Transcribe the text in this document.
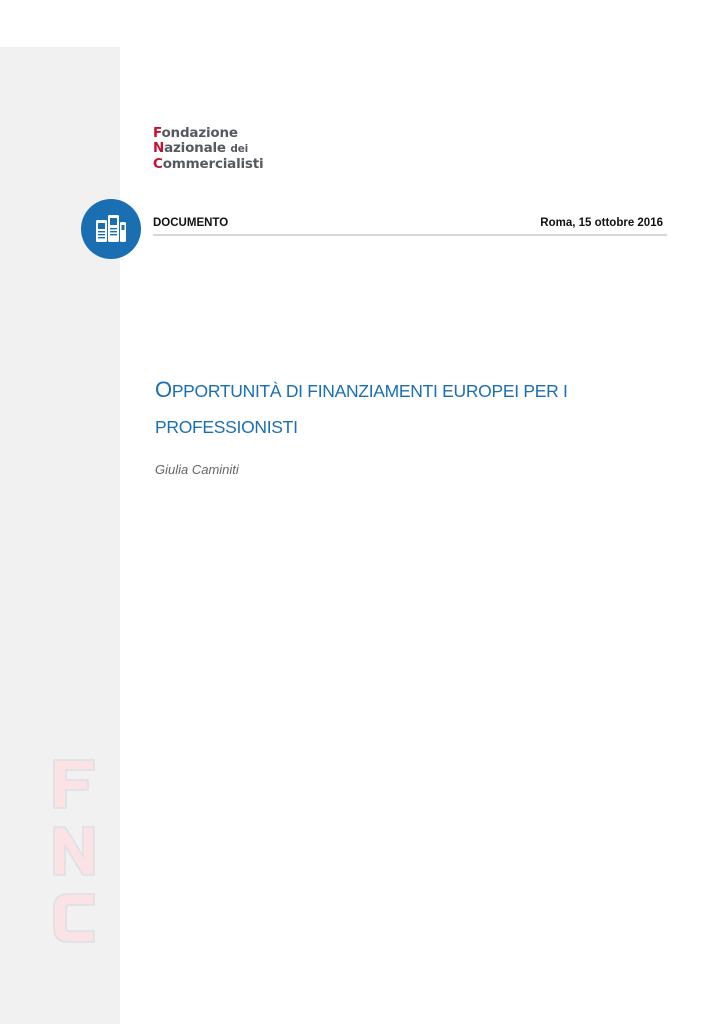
Fondazione
Nazionale dei
Commercialisti
DOCUMENTO	Roma, 15 ottobre 2016
OPPORTUNITÀ DI FINANZIAMENTI EUROPEI PER I
PROFESSIONISTI
Giulia Caminiti
